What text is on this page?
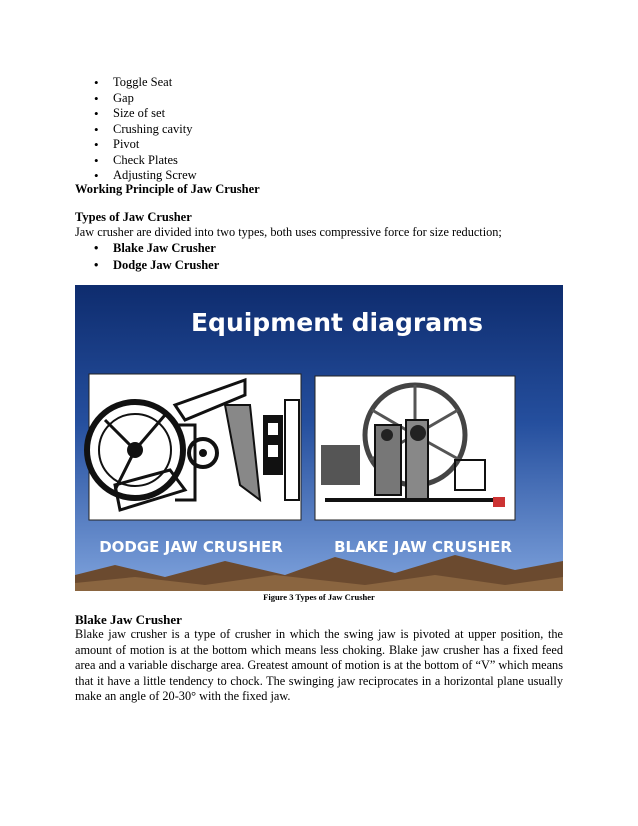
• Toggle Seat
• Gap
• Size of set
• Crushing cavity
• Pivot
• Check Plates
• Adjusting Screw
Working Principle of Jaw Crusher
Types of Jaw Crusher
Jaw crusher are divided into two types, both uses compressive force for size reduction;
• Blake Jaw Crusher
• Dodge Jaw Crusher
Equipment diagrams
DODGE JAW CRUSHER	BLAKE JAW CRUSHER
Figure 3 Types of Jaw Crusher
Blake Jaw Crusher
Blake jaw crusher is a type of crusher in which the swing jaw is pivoted at upper position, the amount of motion is at the bottom which means less choking. Blake jaw crusher has a fixed feed area and a variable discharge area. Greatest amount of motion is at the bottom of “V” which means that it have a little tendency to chock. The swinging jaw reciprocates in a horizontal plane usually make an angle of 20-30° with the fixed jaw.
